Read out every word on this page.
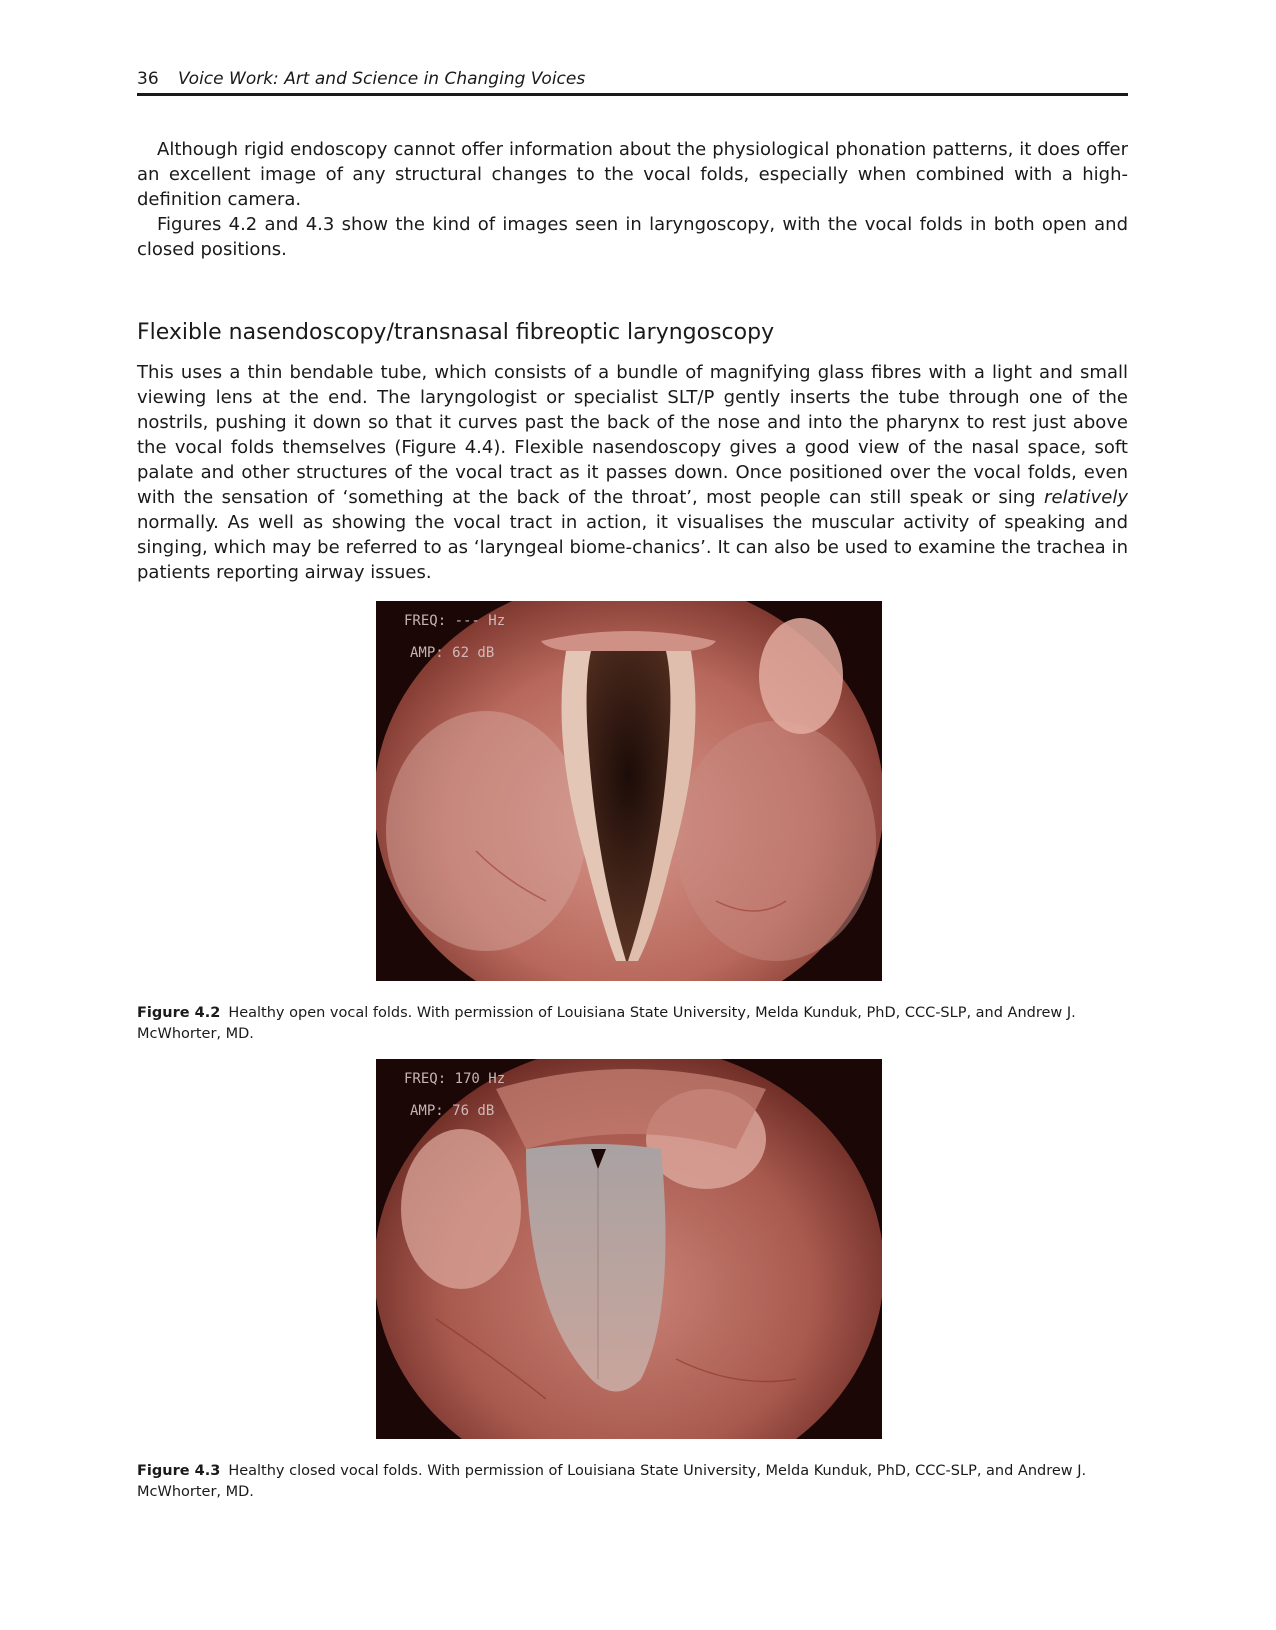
36 Voice Work: Art and Science in Changing Voices

Although rigid endoscopy cannot offer information about the physiological phonation patterns, it does offer an excellent image of any structural changes to the vocal folds, especially when combined with a high-definition camera.

Figures 4.2 and 4.3 show the kind of images seen in laryngoscopy, with the vocal folds in both open and closed positions.

Flexible nasendoscopy/transnasal fibreoptic laryngoscopy

This uses a thin bendable tube, which consists of a bundle of magnifying glass fibres with a light and small viewing lens at the end. The laryngologist or specialist SLT/P gently inserts the tube through one of the nostrils, pushing it down so that it curves past the back of the nose and into the pharynx to rest just above the vocal folds themselves (Figure 4.4). Flexible nasendoscopy gives a good view of the nasal space, soft palate and other structures of the vocal tract as it passes down. Once positioned over the vocal folds, even with the sensation of ‘something at the back of the throat’, most people can still speak or sing relatively normally. As well as showing the vocal tract in action, it visualises the muscular activity of speaking and singing, which may be referred to as ‘laryngeal biome-chanics’. It can also be used to examine the trachea in patients reporting airway issues.

FREQ: --- Hz
AMP: 62 dB

Figure 4.2 Healthy open vocal folds. With permission of Louisiana State University, Melda Kunduk, PhD, CCC-SLP, and Andrew J. McWhorter, MD.

FREQ: 170 Hz
AMP: 76 dB

Figure 4.3 Healthy closed vocal folds. With permission of Louisiana State University, Melda Kunduk, PhD, CCC-SLP, and Andrew J. McWhorter, MD.
